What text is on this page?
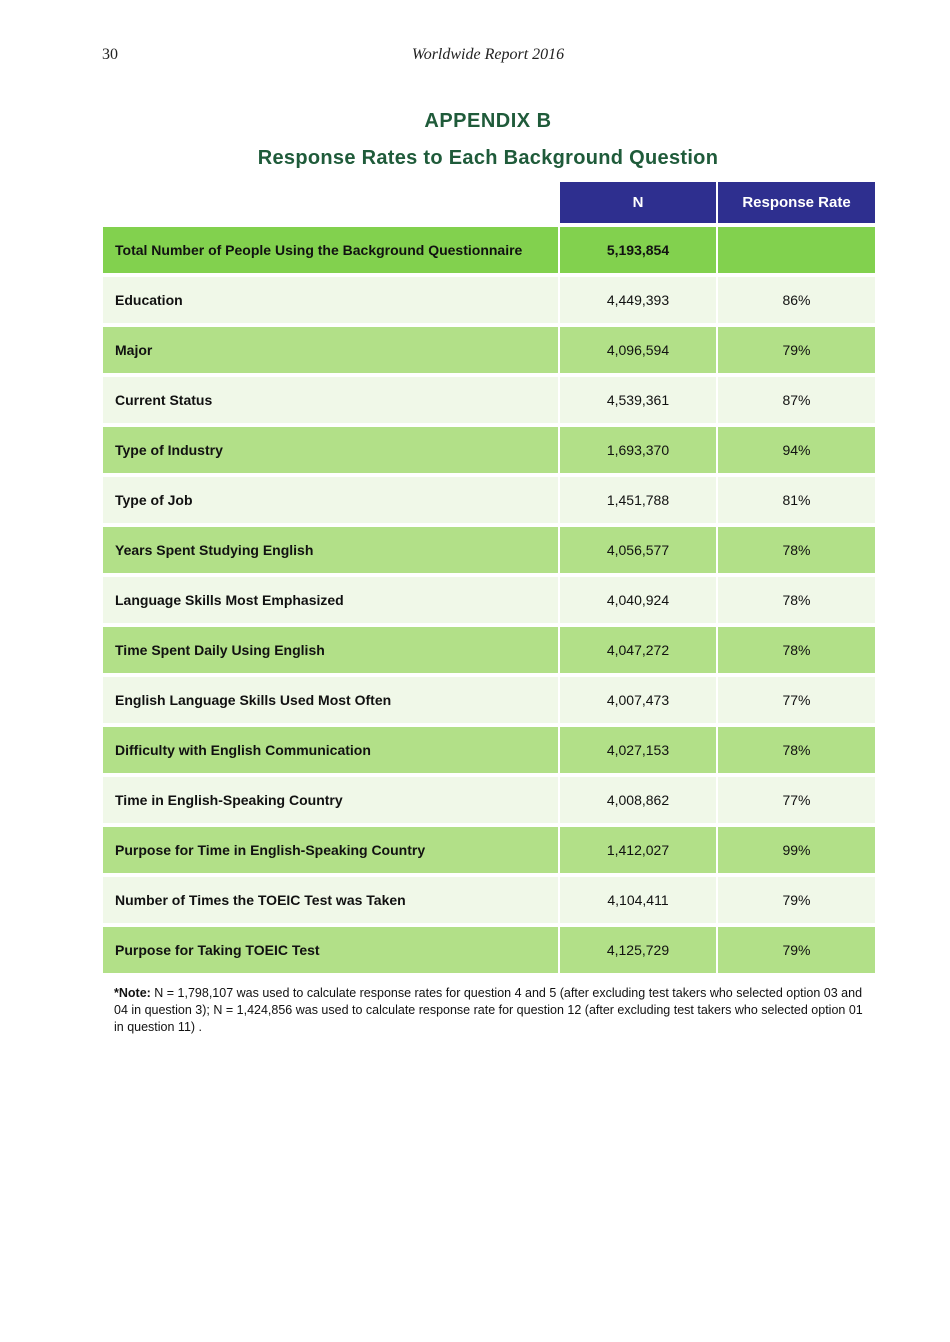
30	Worldwide Report 2016
APPENDIX B
Response Rates to Each Background Question
	N	Response Rate
Total Number of People Using the Background Questionnaire	5,193,854	
Education	4,449,393	86%
Major	4,096,594	79%
Current Status	4,539,361	87%
Type of Industry	1,693,370	94%
Type of Job	1,451,788	81%
Years Spent Studying English	4,056,577	78%
Language Skills Most Emphasized	4,040,924	78%
Time Spent Daily Using English	4,047,272	78%
English Language Skills Used Most Often	4,007,473	77%
Difficulty with English Communication	4,027,153	78%
Time in English-Speaking Country	4,008,862	77%
Purpose for Time in English-Speaking Country	1,412,027	99%
Number of Times the TOEIC Test was Taken	4,104,411	79%
Purpose for Taking TOEIC Test	4,125,729	79%
*Note: N = 1,798,107 was used to calculate response rates for question 4 and 5 (after excluding test takers who selected option 03 and 04 in question 3); N = 1,424,856 was used to calculate response rate for question 12 (after excluding test takers who selected option 01 in question 11) .
